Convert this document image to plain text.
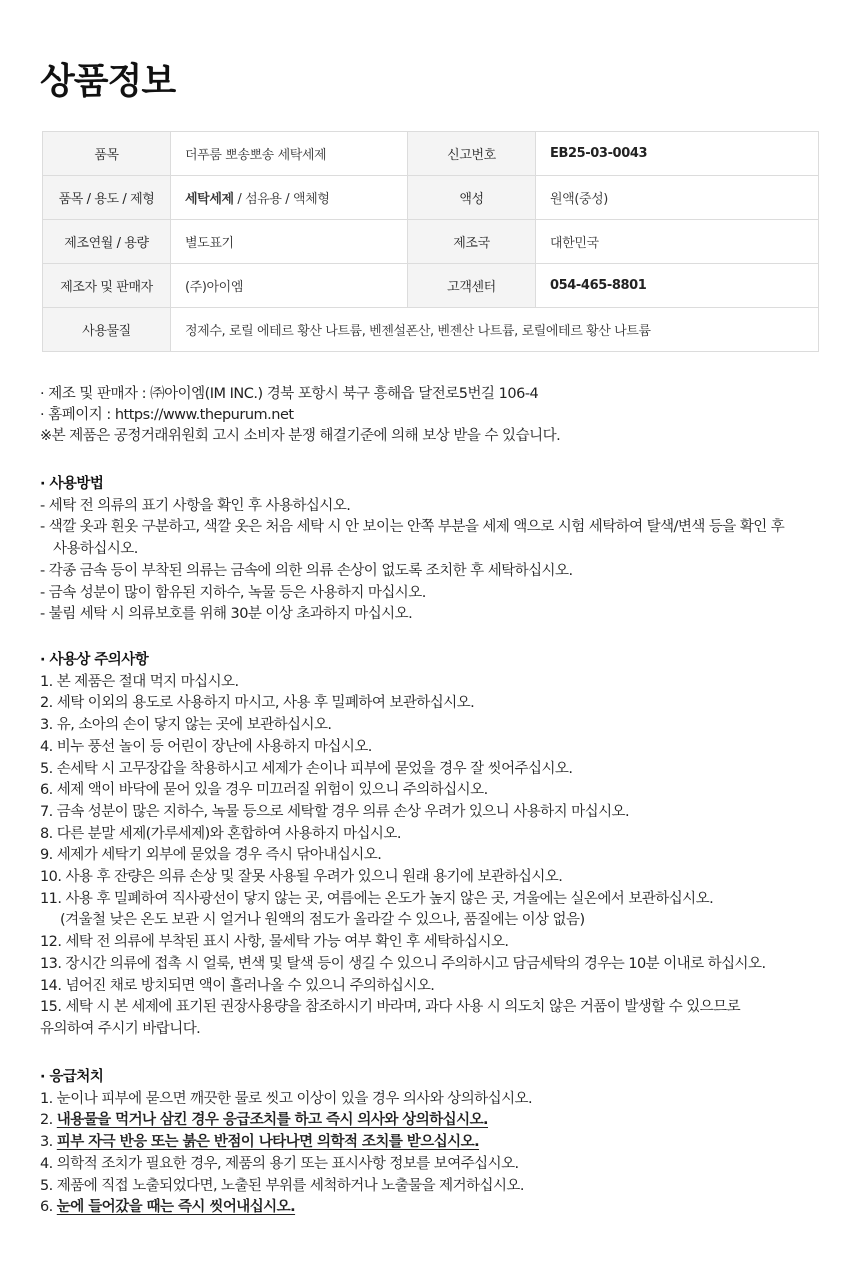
상품정보
품목	더푸룸 뽀송뽀송 세탁세제	신고번호	EB25-03-0043
품목 / 용도 / 제형	세탁세제 / 섬유용 / 액체형	액성	원액(중성)
제조연월 / 용량	별도표기	제조국	대한민국
제조자 및 판매자	(주)아이엠	고객센터	054-465-8801
사용물질	정제수, 로릴 에테르 황산 나트륨, 벤젠설폰산, 벤젠산 나트륨, 로릴에테르 황산 나트륨		
· 제조 및 판매자 : ㈜아이엠(IM INC.) 경북 포항시 북구 흥해읍 달전로5번길 106-4
· 홈페이지 : https://www.thepurum.net
※본 제품은 공정거래위원회 고시 소비자 분쟁 해결기준에 의해 보상 받을 수 있습니다.
· 사용방법
- 세탁 전 의류의 표기 사항을 확인 후 사용하십시오.
- 색깔 옷과 흰옷 구분하고, 색깔 옷은 처음 세탁 시 안 보이는 안쪽 부분을 세제 액으로 시험 세탁하여 탈색/변색 등을 확인 후
사용하십시오.
- 각종 금속 등이 부착된 의류는 금속에 의한 의류 손상이 없도록 조치한 후 세탁하십시오.
- 금속 성분이 많이 함유된 지하수, 녹물 등은 사용하지 마십시오.
- 불림 세탁 시 의류보호를 위해 30분 이상 초과하지 마십시오.
· 사용상 주의사항
1. 본 제품은 절대 먹지 마십시오.
2. 세탁 이외의 용도로 사용하지 마시고, 사용 후 밀폐하여 보관하십시오.
3. 유, 소아의 손이 닿지 않는 곳에 보관하십시오.
4. 비누 풍선 놀이 등 어린이 장난에 사용하지 마십시오.
5. 손세탁 시 고무장갑을 착용하시고 세제가 손이나 피부에 묻었을 경우 잘 씻어주십시오.
6. 세제 액이 바닥에 묻어 있을 경우 미끄러질 위험이 있으니 주의하십시오.
7. 금속 성분이 많은 지하수, 녹물 등으로 세탁할 경우 의류 손상 우려가 있으니 사용하지 마십시오.
8. 다른 분말 세제(가루세제)와 혼합하여 사용하지 마십시오.
9. 세제가 세탁기 외부에 묻었을 경우 즉시 닦아내십시오.
10. 사용 후 잔량은 의류 손상 및 잘못 사용될 우려가 있으니 원래 용기에 보관하십시오.
11. 사용 후 밀폐하여 직사광선이 닿지 않는 곳, 여름에는 온도가 높지 않은 곳, 겨울에는 실온에서 보관하십시오.
(겨울철 낮은 온도 보관 시 얼거나 원액의 점도가 올라갈 수 있으나, 품질에는 이상 없음)
12. 세탁 전 의류에 부착된 표시 사항, 물세탁 가능 여부 확인 후 세탁하십시오.
13. 장시간 의류에 접촉 시 얼룩, 변색 및 탈색 등이 생길 수 있으니 주의하시고 담금세탁의 경우는 10분 이내로 하십시오.
14. 넘어진 채로 방치되면 액이 흘러나올 수 있으니 주의하십시오.
15. 세탁 시 본 세제에 표기된 권장사용량을 참조하시기 바라며, 과다 사용 시 의도치 않은 거품이 발생할 수 있으므로
유의하여 주시기 바랍니다.
· 응급처치
1. 눈이나 피부에 묻으면 깨끗한 물로 씻고 이상이 있을 경우 의사와 상의하십시오.
2. 내용물을 먹거나 삼킨 경우 응급조치를 하고 즉시 의사와 상의하십시오.
3. 피부 자극 반응 또는 붉은 반점이 나타나면 의학적 조치를 받으십시오.
4. 의학적 조치가 필요한 경우, 제품의 용기 또는 표시사항 정보를 보여주십시오.
5. 제품에 직접 노출되었다면, 노출된 부위를 세척하거나 노출물을 제거하십시오.
6. 눈에 들어갔을 때는 즉시 씻어내십시오.
